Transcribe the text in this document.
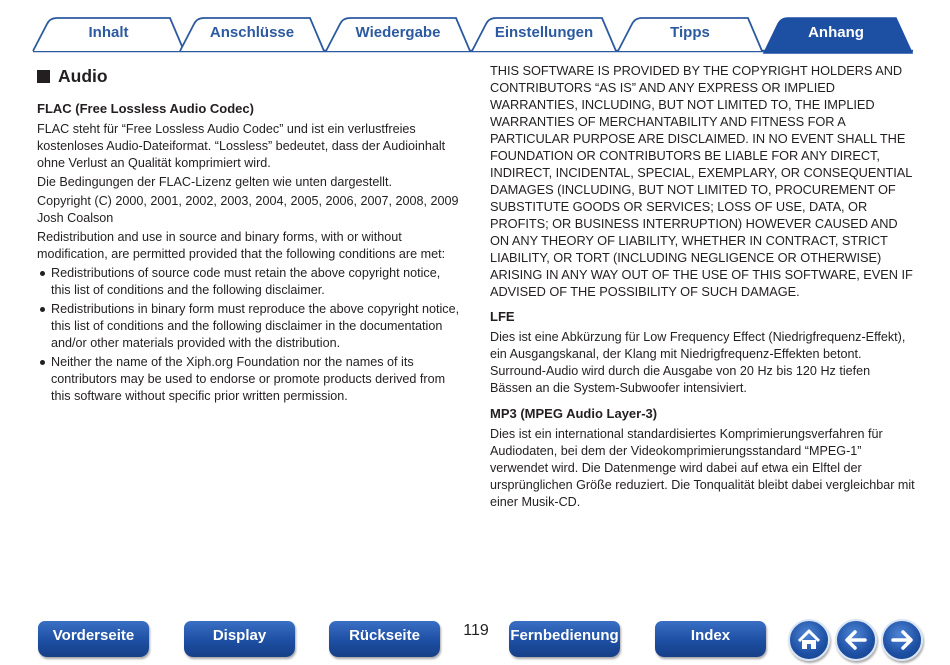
Inhalt	Anschlüsse	Wiedergabe	Einstellungen	Tipps	Anhang
Audio
FLAC (Free Lossless Audio Codec)

FLAC steht für “Free Lossless Audio Codec” und ist ein verlustfreies kostenloses Audio-Dateiformat. “Lossless” bedeutet, dass der Audioinhalt ohne Verlust an Qualität komprimiert wird.

Die Bedingungen der FLAC-Lizenz gelten wie unten dargestellt.

Copyright (C) 2000, 2001, 2002, 2003, 2004, 2005, 2006, 2007, 2008, 2009 Josh Coalson

Redistribution and use in source and binary forms, with or without modification, are permitted provided that the following conditions are met:

Redistributions of source code must retain the above copyright notice, this list of conditions and the following disclaimer.
Redistributions in binary form must reproduce the above copyright notice, this list of conditions and the following disclaimer in the documentation and/or other materials provided with the distribution.
Neither the name of the Xiph.org Foundation nor the names of its contributors may be used to endorse or promote products derived from this software without specific prior written permission.

THIS SOFTWARE IS PROVIDED BY THE COPYRIGHT HOLDERS AND CONTRIBUTORS “AS IS” AND ANY EXPRESS OR IMPLIED WARRANTIES, INCLUDING, BUT NOT LIMITED TO, THE IMPLIED WARRANTIES OF MERCHANTABILITY AND FITNESS FOR A PARTICULAR PURPOSE ARE DISCLAIMED. IN NO EVENT SHALL THE FOUNDATION OR CONTRIBUTORS BE LIABLE FOR ANY DIRECT, INDIRECT, INCIDENTAL, SPECIAL, EXEMPLARY, OR CONSEQUENTIAL DAMAGES (INCLUDING, BUT NOT LIMITED TO, PROCUREMENT OF SUBSTITUTE GOODS OR SERVICES; LOSS OF USE, DATA, OR PROFITS; OR BUSINESS INTERRUPTION) HOWEVER CAUSED AND ON ANY THEORY OF LIABILITY, WHETHER IN CONTRACT, STRICT LIABILITY, OR TORT (INCLUDING NEGLIGENCE OR OTHERWISE) ARISING IN ANY WAY OUT OF THE USE OF THIS SOFTWARE, EVEN IF ADVISED OF THE POSSIBILITY OF SUCH DAMAGE.

LFE

Dies ist eine Abkürzung für Low Frequency Effect (Niedrigfrequenz-Effekt), ein Ausgangskanal, der Klang mit Niedrigfrequenz-Effekten betont. Surround-Audio wird durch die Ausgabe von 20 Hz bis 120 Hz tiefen Bässen an die System-Subwoofer intensiviert.

MP3 (MPEG Audio Layer-3)

Dies ist ein international standardisiertes Komprimierungsverfahren für Audiodaten, bei dem der Videokomprimierungsstandard “MPEG-1” verwendet wird. Die Datenmenge wird dabei auf etwa ein Elftel der ursprünglichen Größe reduziert. Die Tonqualität bleibt dabei vergleichbar mit einer Musik-CD.

Vorderseite	Display	Rückseite	119	Fernbedienung	Index
